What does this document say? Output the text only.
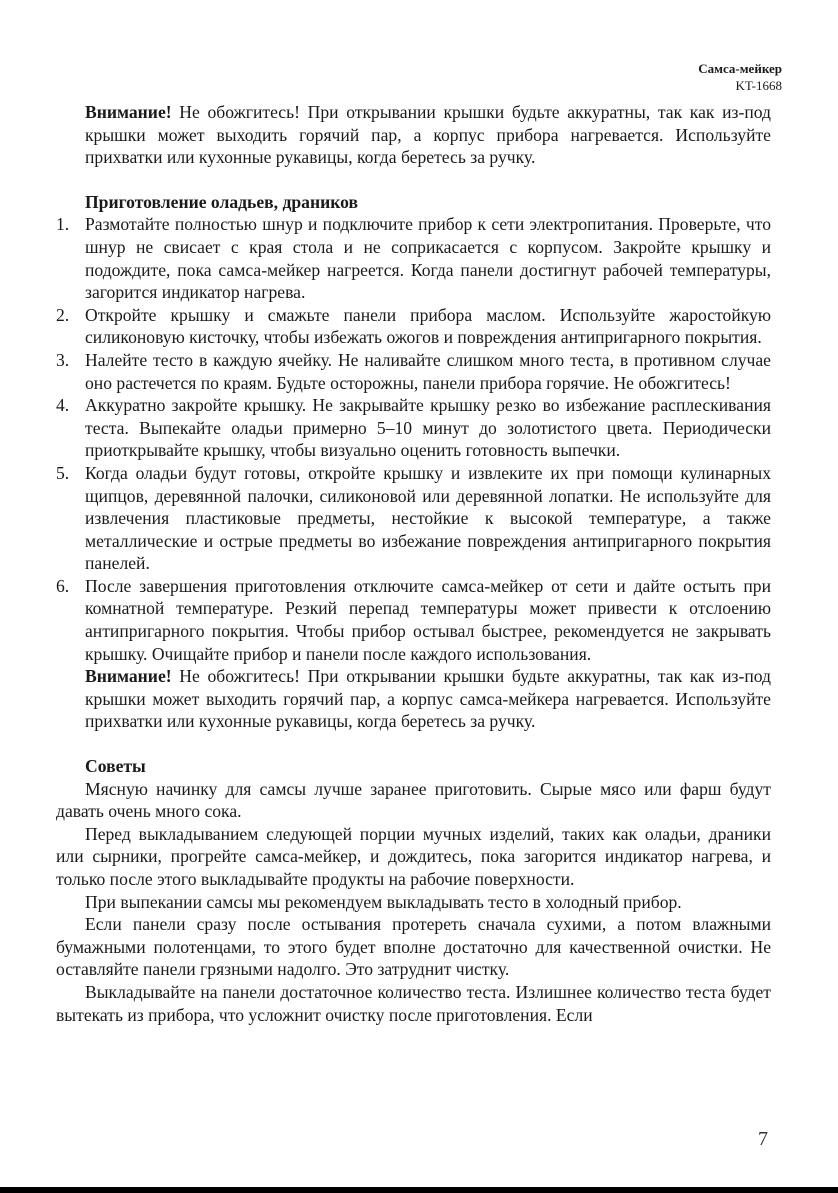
Самса-мейкер
KT-1668

Внимание! Не обожгитесь! При открывании крышки будьте аккуратны, так как из-под крышки может выходить горячий пар, а корпус прибора нагревается. Используйте прихватки или кухонные рукавицы, когда беретесь за ручку.

Приготовление оладьев, драников

1. Размотайте полностью шнур и подключите прибор к сети электропитания. Проверьте, что шнур не свисает с края стола и не соприкасается с корпусом. Закройте крышку и подождите, пока самса-мейкер нагреется. Когда панели достигнут рабочей температуры, загорится индикатор нагрева.
2. Откройте крышку и смажьте панели прибора маслом. Используйте жаростойкую силиконовую кисточку, чтобы избежать ожогов и повреждения антипригарного покрытия.
3. Налейте тесто в каждую ячейку. Не наливайте слишком много теста, в противном случае оно растечется по краям. Будьте осторожны, панели прибора горячие. Не обожгитесь!
4. Аккуратно закройте крышку. Не закрывайте крышку резко во избежание расплескивания теста. Выпекайте оладьи примерно 5–10 минут до золотистого цвета. Периодически приоткрывайте крышку, чтобы визуально оценить готовность выпечки.
5. Когда оладьи будут готовы, откройте крышку и извлеките их при помощи кулинарных щипцов, деревянной палочки, силиконовой или деревянной лопатки. Не используйте для извлечения пластиковые предметы, нестойкие к высокой температуре, а также металлические и острые предметы во избежание повреждения антипригарного покрытия панелей.
6. После завершения приготовления отключите самса-мейкер от сети и дайте остыть при комнатной температуре. Резкий перепад температуры может привести к отслоению антипригарного покрытия. Чтобы прибор остывал быстрее, рекомендуется не закрывать крышку. Очищайте прибор и панели после каждого использования.

Внимание! Не обожгитесь! При открывании крышки будьте аккуратны, так как из-под крышки может выходить горячий пар, а корпус самса-мейкера нагревается. Используйте прихватки или кухонные рукавицы, когда беретесь за ручку.

Советы

Мясную начинку для самсы лучше заранее приготовить. Сырые мясо или фарш будут давать очень много сока.

Перед выкладыванием следующей порции мучных изделий, таких как оладьи, драники или сырники, прогрейте самса-мейкер, и дождитесь, пока загорится индикатор нагрева, и только после этого выкладывайте продукты на рабочие поверхности.

При выпекании самсы мы рекомендуем выкладывать тесто в холодный прибор.

Если панели сразу после остывания протереть сначала сухими, а потом влажными бумажными полотенцами, то этого будет вполне достаточно для качественной очистки. Не оставляйте панели грязными надолго. Это затруднит чистку.

Выкладывайте на панели достаточное количество теста. Излишнее количество теста будет вытекать из прибора, что усложнит очистку после приготовления. Если

7
